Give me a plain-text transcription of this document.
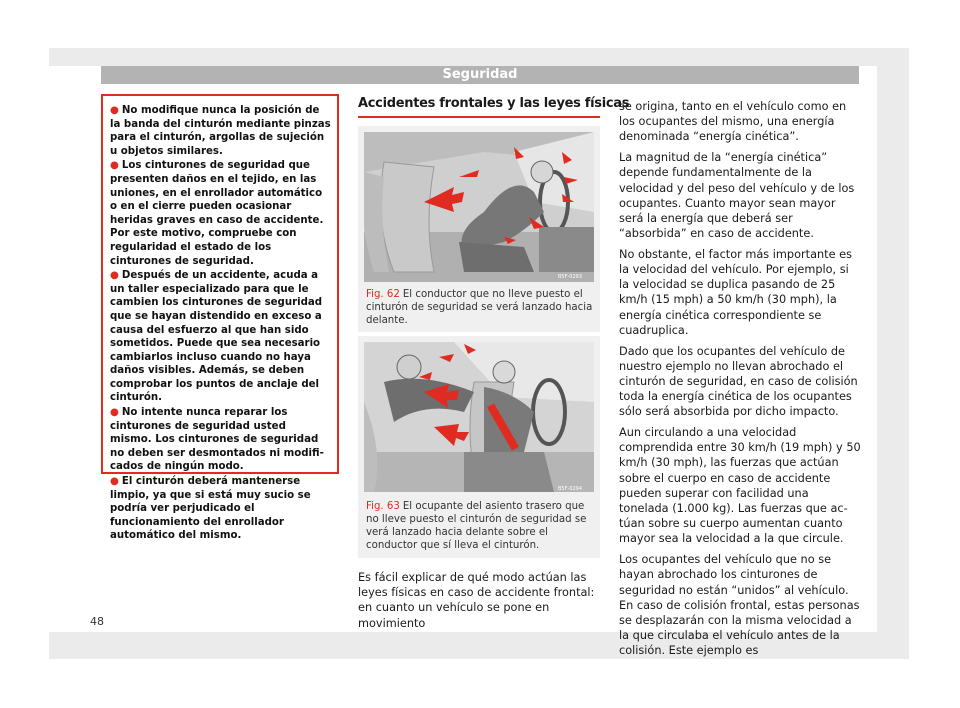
Seguridad
● No modifique nunca la posición de la banda del cinturón mediante pinzas para el cinturón, argollas de sujeción u objetos similares.
● Los cinturones de seguridad que presenten daños en el tejido, en las uniones, en el enrollador automático o en el cierre pueden ocasionar heridas graves en caso de accidente. Por este motivo, compruebe con regularidad el estado de los cinturones de seguridad.
● Después de un accidente, acuda a un taller especializado para que le cambien los cinturones de seguridad que se hayan distendido en exceso a causa del esfuerzo al que han sido sometidos. Puede que sea necesario cambiarlos incluso cuando no haya daños visibles. Además, se deben comprobar los puntos de anclaje del cinturón.
● No intente nunca reparar los cinturones de seguridad usted mismo. Los cinturones de seguridad no deben ser desmontados ni modificados de ningún modo.
● El cinturón deberá mantenerse limpio, ya que si está muy sucio se podría ver perjudicado el funcionamiento del enrollador automático del mismo.
Accidentes frontales y las leyes físicas
B5F-0293
Fig. 62 El conductor que no lleve puesto el cinturón de seguridad se verá lanzado hacia delante.
B5F-0294
Fig. 63 El ocupante del asiento trasero que no lleve puesto el cinturón de seguridad se verá lanzado hacia delante sobre el conductor que sí lleva el cinturón.

Es fácil explicar de qué modo actúan las leyes físicas en caso de accidente frontal: en cuanto un vehículo se pone en movimiento

se origina, tanto en el vehículo como en los ocupantes del mismo, una energía denominada “energía cinética”.

La magnitud de la “energía cinética” depende fundamentalmente de la velocidad y del peso del vehículo y de los ocupantes. Cuanto mayor sean mayor será la energía que deberá ser “absorbida” en caso de accidente.

No obstante, el factor más importante es la velocidad del vehículo. Por ejemplo, si la velocidad se duplica pasando de 25 km/h (15 mph) a 50 km/h (30 mph), la energía cinética correspondiente se cuadruplica.

Dado que los ocupantes del vehículo de nuestro ejemplo no llevan abrochado el cinturón de seguridad, en caso de colisión toda la energía cinética de los ocupantes sólo será absorbida por dicho impacto.

Aun circulando a una velocidad comprendida entre 30 km/h (19 mph) y 50 km/h (30 mph), las fuerzas que actúan sobre el cuerpo en caso de accidente pueden superar con facilidad una tonelada (1.000 kg). Las fuerzas que actúan sobre su cuerpo aumentan cuanto mayor sea la velocidad a la que circule.

Los ocupantes del vehículo que no se hayan abrochado los cinturones de seguridad no están “unidos” al vehículo. En caso de colisión frontal, estas personas se desplazarán con la misma velocidad a la que circulaba el vehículo antes de la colisión. Este ejemplo es

48
